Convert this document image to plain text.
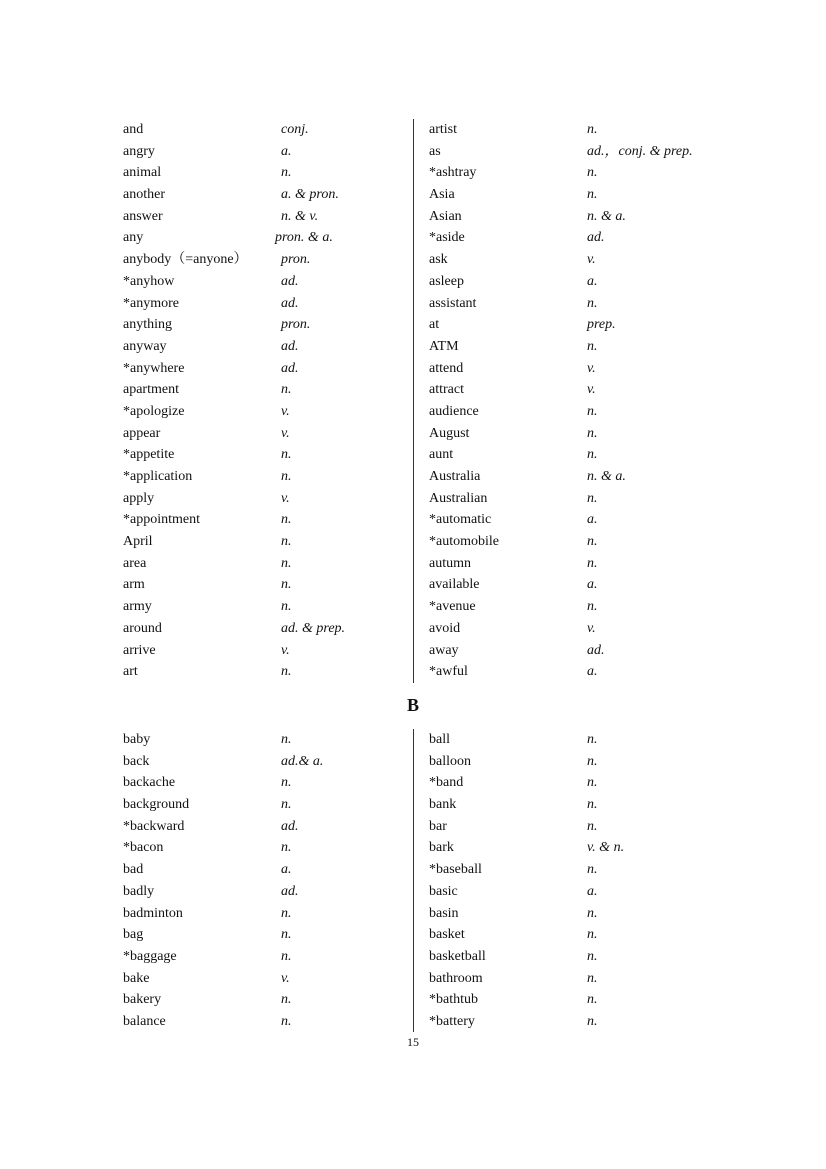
and	conj.
angry	a.
animal	n.
another	a. & pron.
answer	n. & v.
any	pron. & a.
anybody（=anyone） pron.
*anyhow	ad.
*anymore	ad.
anything	pron.
anyway	ad.
*anywhere	ad.
apartment	n.
*apologize	v.
appear	v.
*appetite	n.
*application	n.
apply	v.
*appointment	n.
April	n.
area	n.
arm	n.
army	n.
around	ad. & prep.
arrive	v.
art	n.
artist	n.
as	ad.，conj. & prep.
*ashtray	n.
Asia	n.
Asian	n. & a.
*aside	ad.
ask	v.
asleep	a.
assistant	n.
at	prep.
ATM	n.
attend	v.
attract	v.
audience	n.
August	n.
aunt	n.
Australia	n. & a.
Australian	n.
*automatic	a.
*automobile	n.
autumn	n.
available	a.
*avenue	n.
avoid	v.
away	ad.
*awful	a.
B
baby	n.
back	ad.& a.
backache	n.
background	n.
*backward	ad.
*bacon	n.
bad	a.
badly	ad.
badminton	n.
bag	n.
*baggage	n.
bake	v.
bakery	n.
balance	n.
ball	n.
balloon	n.
*band	n.
bank	n.
bar	n.
bark	v. & n.
*baseball	n.
basic	a.
basin	n.
basket	n.
basketball	n.
bathroom	n.
*bathtub	n.
*battery	n.
15
